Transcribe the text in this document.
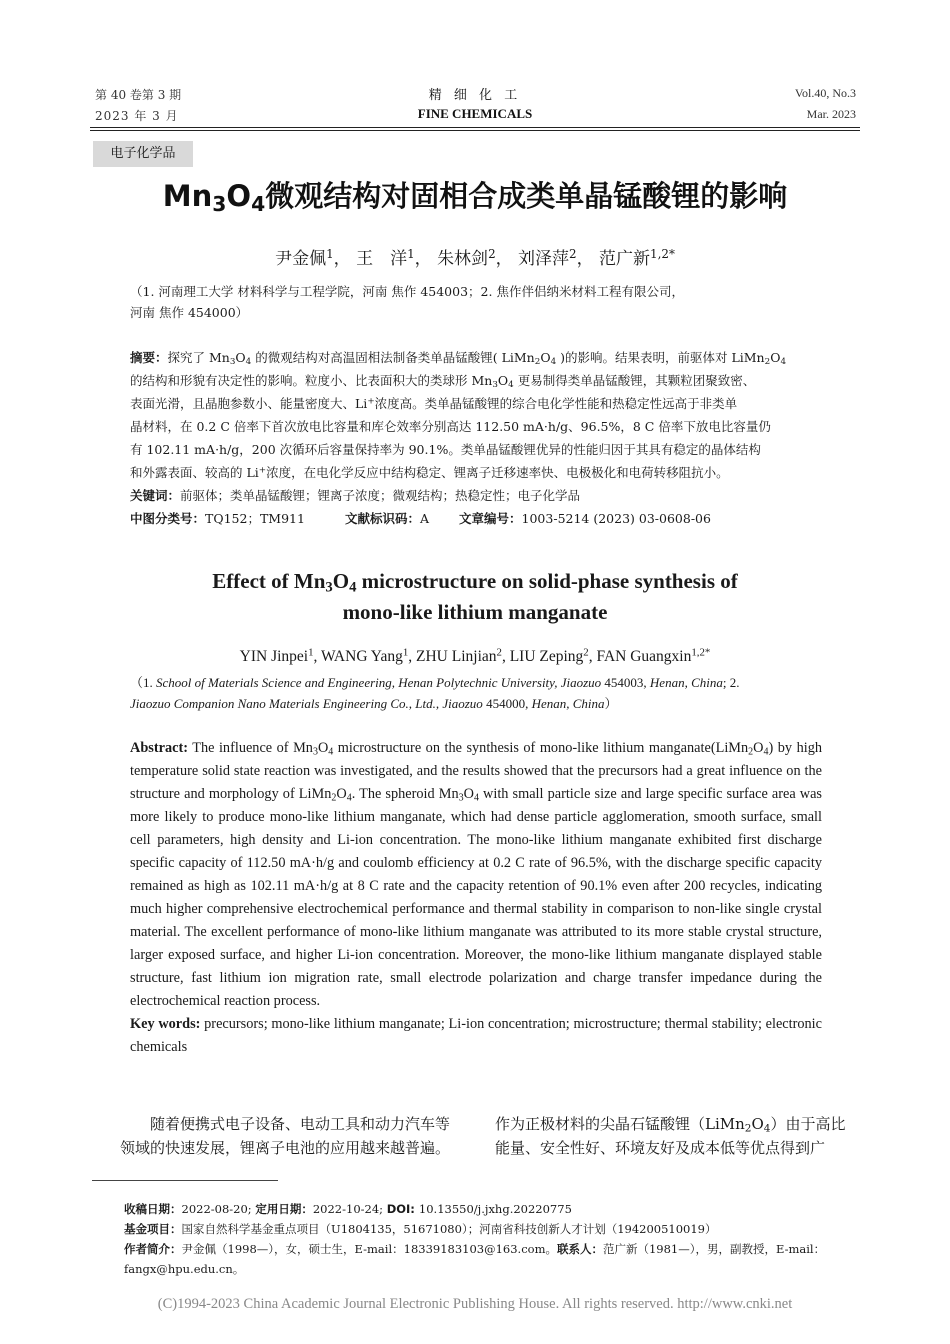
第 40 卷第 3 期
2023 年 3 月
精 细 化 工
FINE CHEMICALS
Vol.40, No.3
Mar. 2023
电子化学品
$Mn_3O_4$微观结构对固相合成类单晶锰酸锂的影响
尹金佩$^1$， 王　洋$^1$， 朱林剑$^2$， 刘泽萍$^2$， 范广新$^{1,2*}$
（1. 河南理工大学 材料科学与工程学院，河南 焦作 454003；2. 焦作伴侣纳米材料工程有限公司，
河南 焦作 454000）
摘要：探究了 $Mn_3O_4$ 的微观结构对高温固相法制备类单晶锰酸锂( $LiMn_2O_4$ )的影响。结果表明，前驱体对 $LiMn_2O_4$
的结构和形貌有决定性的影响。粒度小、比表面积大的类球形 $Mn_3O_4$ 更易制得类单晶锰酸锂，其颗粒团聚致密、
表面光滑，且晶胞参数小、能量密度大、Li+浓度高。类单晶锰酸锂的综合电化学性能和热稳定性远高于非类单
晶材料，在 0.2 C 倍率下首次放电比容量和库仑效率分别高达 112.50 mA·h/g、96.5%，8 C 倍率下放电比容量仍
有 102.11 mA·h/g，200 次循环后容量保持率为 90.1%。类单晶锰酸锂优异的性能归因于其具有稳定的晶体结构
和外露表面、较高的 Li+浓度，在电化学反应中结构稳定、锂离子迁移速率快、电极极化和电荷转移阻抗小。
关键词：前驱体；类单晶锰酸锂；锂离子浓度；微观结构；热稳定性；电子化学品
中图分类号：TQ152；TM911	文献标识码：A 文章编号：1003-5214 (2023) 03-0608-06
Effect of $Mn_3O_4$ microstructure on solid-phase synthesis of
mono-like lithium manganate
YIN Jinpei$^1$, WANG Yang$^1$, ZHU Linjian$^2$, LIU Zeping$^2$, FAN Guangxin$^{1,2*}$
（1. School of Materials Science and Engineering, Henan Polytechnic University, Jiaozuo 454003, Henan, China; 2.
Jiaozuo Companion Nano Materials Engineering Co., Ltd., Jiaozuo 454000, Henan, China）
Abstract: The influence of $Mn_3O_4$ microstructure on the synthesis of mono-like lithium $manganate(LiMn_2O_4)$ by high temperature solid state reaction was investigated, and the results showed that the precursors had a great influence on the structure and morphology of $LiMn_2O_4$. The spheroid $Mn_3O_4$ with small particle size and large specific surface area was more likely to produce mono-like lithium manganate, which had dense particle agglomeration, smooth surface, small cell parameters, high density and Li-ion concentration. The mono-like lithium manganate exhibited first discharge specific capacity of 112.50 mA·h/g and coulomb efficiency at 0.2 C rate of 96.5%, with the discharge specific capacity remained as high as 102.11 mA·h/g at 8 C rate and the capacity retention of 90.1% even after 200 recycles, indicating much higher comprehensive electrochemical performance and thermal stability in comparison to non-like single crystal material. The excellent performance of mono-like lithium manganate was attributed to its more stable crystal structure, larger exposed surface, and higher Li-ion concentration. Moreover, the mono-like lithium manganate displayed stable structure, fast lithium ion migration rate, small electrode polarization and charge transfer impedance during the electrochemical reaction process.
Key words: precursors; mono-like lithium manganate; Li-ion concentration; microstructure; thermal stability; electronic chemicals
随着便携式电子设备、电动工具和动力汽车等
领域的快速发展，锂离子电池的应用越来越普遍。
作为正极材料的尖晶石锰酸锂$(LiMn_2O_4)$由于高比
能量、安全性好、环境友好及成本低等优点得到广
收稿日期：2022-08-20; 定用日期：2022-10-24; DOI: 10.13550/j.jxhg.20220775
基金项目：国家自然科学基金重点项目（U1804135，51671080）；河南省科技创新人才计划（194200510019）
作者简介：尹金佩（1998—），女，硕士生，E-mail：18339183103@163.com。联系人：范广新（1981—），男，副教授，E-mail：
fangx@hpu.edu.cn。
(C)1994-2023 China Academic Journal Electronic Publishing House. All rights reserved. http://www.cnki.net
